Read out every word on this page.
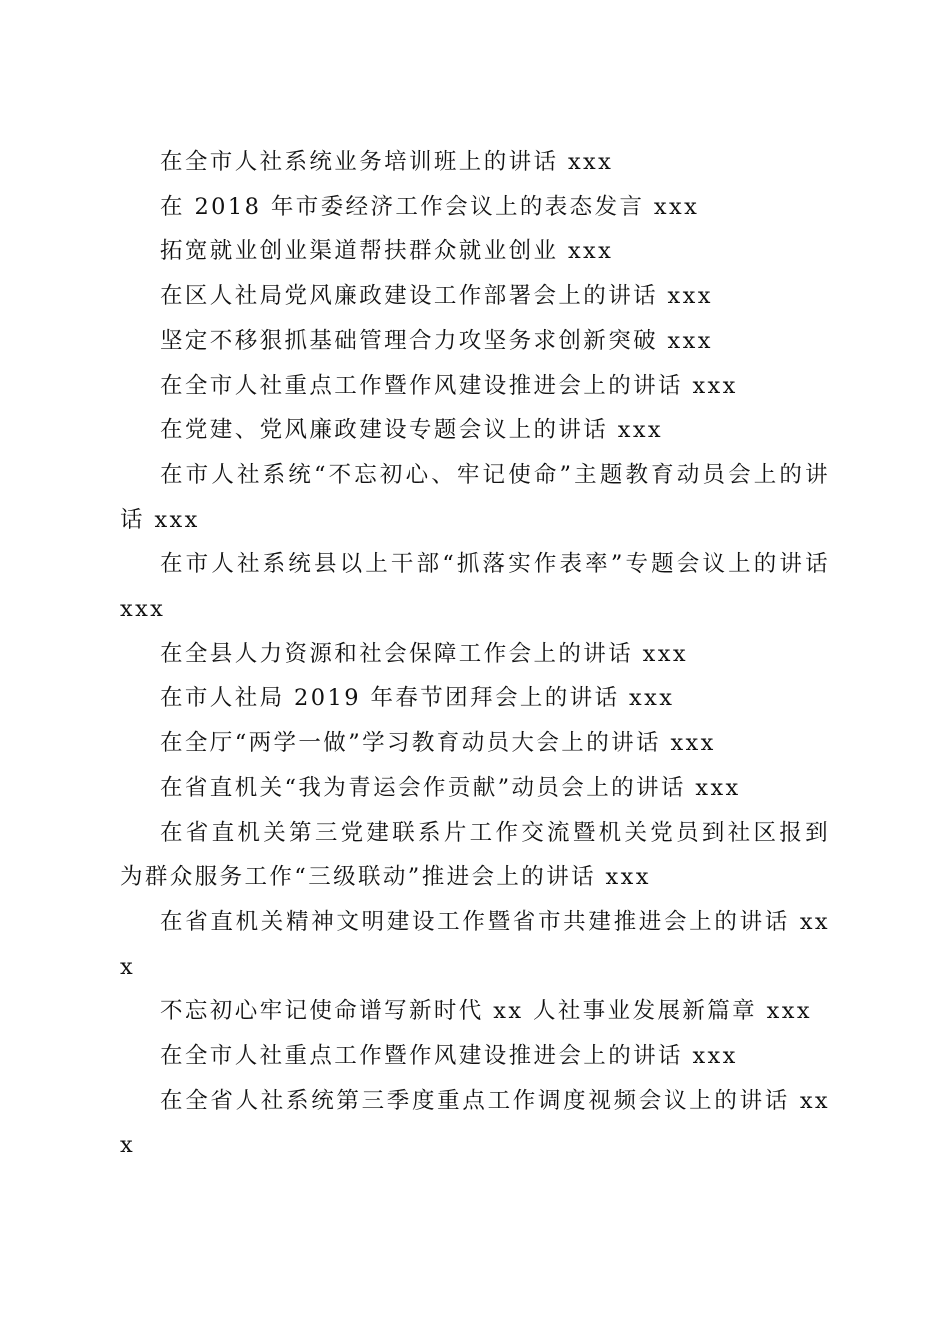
在全市人社系统业务培训班上的讲话 xxx
在 2018 年市委经济工作会议上的表态发言 xxx
拓宽就业创业渠道帮扶群众就业创业 xxx
在区人社局党风廉政建设工作部署会上的讲话 xxx
坚定不移狠抓基础管理合力攻坚务求创新突破 xxx
在全市人社重点工作暨作风建设推进会上的讲话 xxx
在党建、党风廉政建设专题会议上的讲话 xxx
在市人社系统“不忘初心、牢记使命”主题教育动员会上的讲话 xxx
在市人社系统县以上干部“抓落实作表率”专题会议上的讲话 xxx
在全县人力资源和社会保障工作会上的讲话 xxx
在市人社局 2019 年春节团拜会上的讲话 xxx
在全厅“两学一做”学习教育动员大会上的讲话 xxx
在省直机关“我为青运会作贡献”动员会上的讲话 xxx
在省直机关第三党建联系片工作交流暨机关党员到社区报到为群众服务工作“三级联动”推进会上的讲话 xxx
在省直机关精神文明建设工作暨省市共建推进会上的讲话 xxx
不忘初心牢记使命谱写新时代 xx 人社事业发展新篇章 xxx
在全市人社重点工作暨作风建设推进会上的讲话 xxx
在全省人社系统第三季度重点工作调度视频会议上的讲话 xxx
